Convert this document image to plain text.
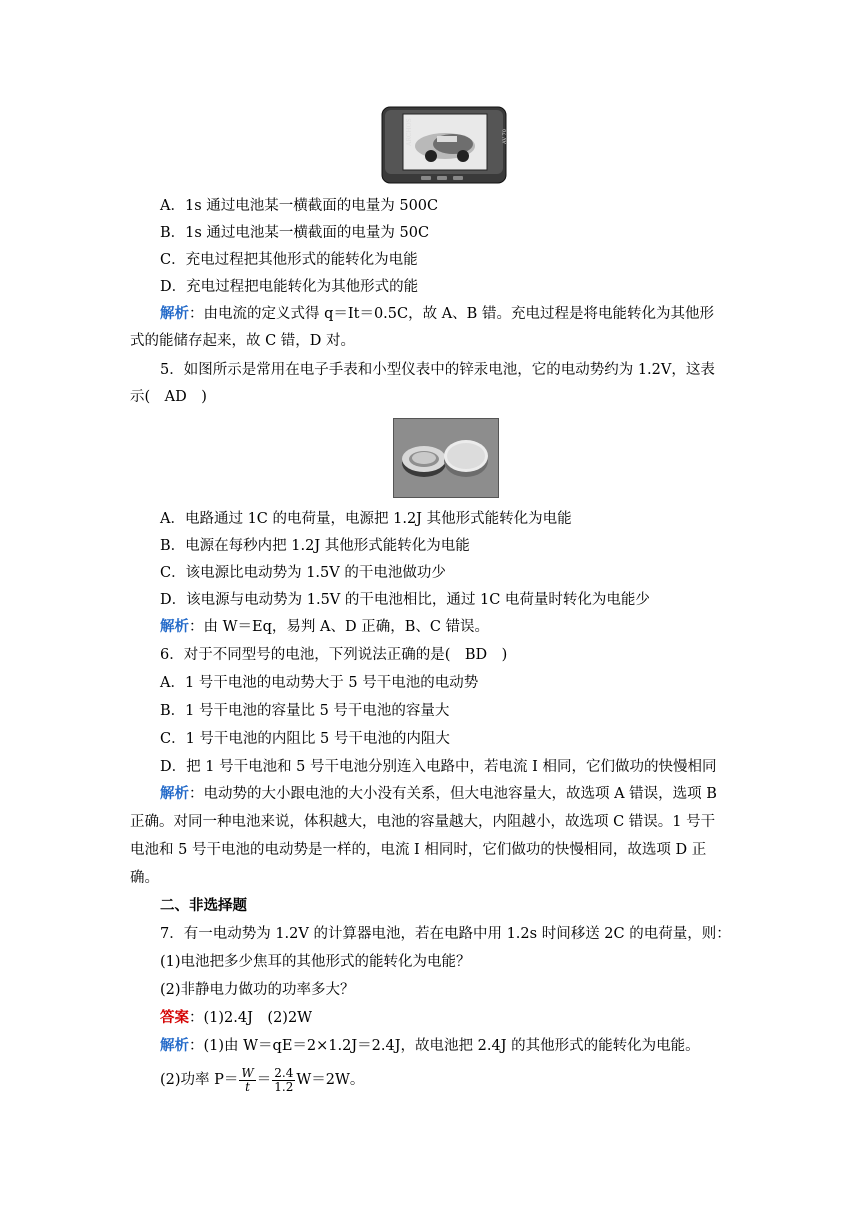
ARCHOS	AV 70
A．1s 通过电池某一横截面的电量为 500C
B．1s 通过电池某一横截面的电量为 50C
C．充电过程把其他形式的能转化为电能
D．充电过程把电能转化为其他形式的能
解析：由电流的定义式得 q＝It＝0.5C，故 A、B 错。充电过程是将电能转化为其他形
式的能储存起来，故 C 错，D 对。
5．如图所示是常用在电子手表和小型仪表中的锌汞电池，它的电动势约为 1.2V，这表
示(　AD　)
A．电路通过 1C 的电荷量，电源把 1.2J 其他形式能转化为电能
B．电源在每秒内把 1.2J 其他形式能转化为电能
C．该电源比电动势为 1.5V 的干电池做功少
D．该电源与电动势为 1.5V 的干电池相比，通过 1C 电荷量时转化为电能少
解析：由 W＝Eq，易判 A、D 正确，B、C 错误。
6．对于不同型号的电池，下列说法正确的是(　BD　)
A．1 号干电池的电动势大于 5 号干电池的电动势
B．1 号干电池的容量比 5 号干电池的容量大
C．1 号干电池的内阻比 5 号干电池的内阻大
D．把 1 号干电池和 5 号干电池分别连入电路中，若电流 I 相同，它们做功的快慢相同
解析：电动势的大小跟电池的大小没有关系，但大电池容量大，故选项 A 错误，选项 B
正确。对同一种电池来说，体积越大，电池的容量越大，内阻越小，故选项 C 错误。1 号干
电池和 5 号干电池的电动势是一样的，电流 I 相同时，它们做功的快慢相同，故选项 D 正
确。
二、非选择题
7．有一电动势为 1.2V 的计算器电池，若在电路中用 1.2s 时间移送 2C 的电荷量，则：
(1)电池把多少焦耳的其他形式的能转化为电能？
(2)非静电力做功的功率多大？
答案：(1)2.4J　(2)2W
解析：(1)由 W＝qE＝2×1.2J＝2.4J，故电池把 2.4J 的其他形式的能转化为电能。
(2)功率 $P= \frac{W}{t} = \frac{2.4}{1.2} W=2W$。
